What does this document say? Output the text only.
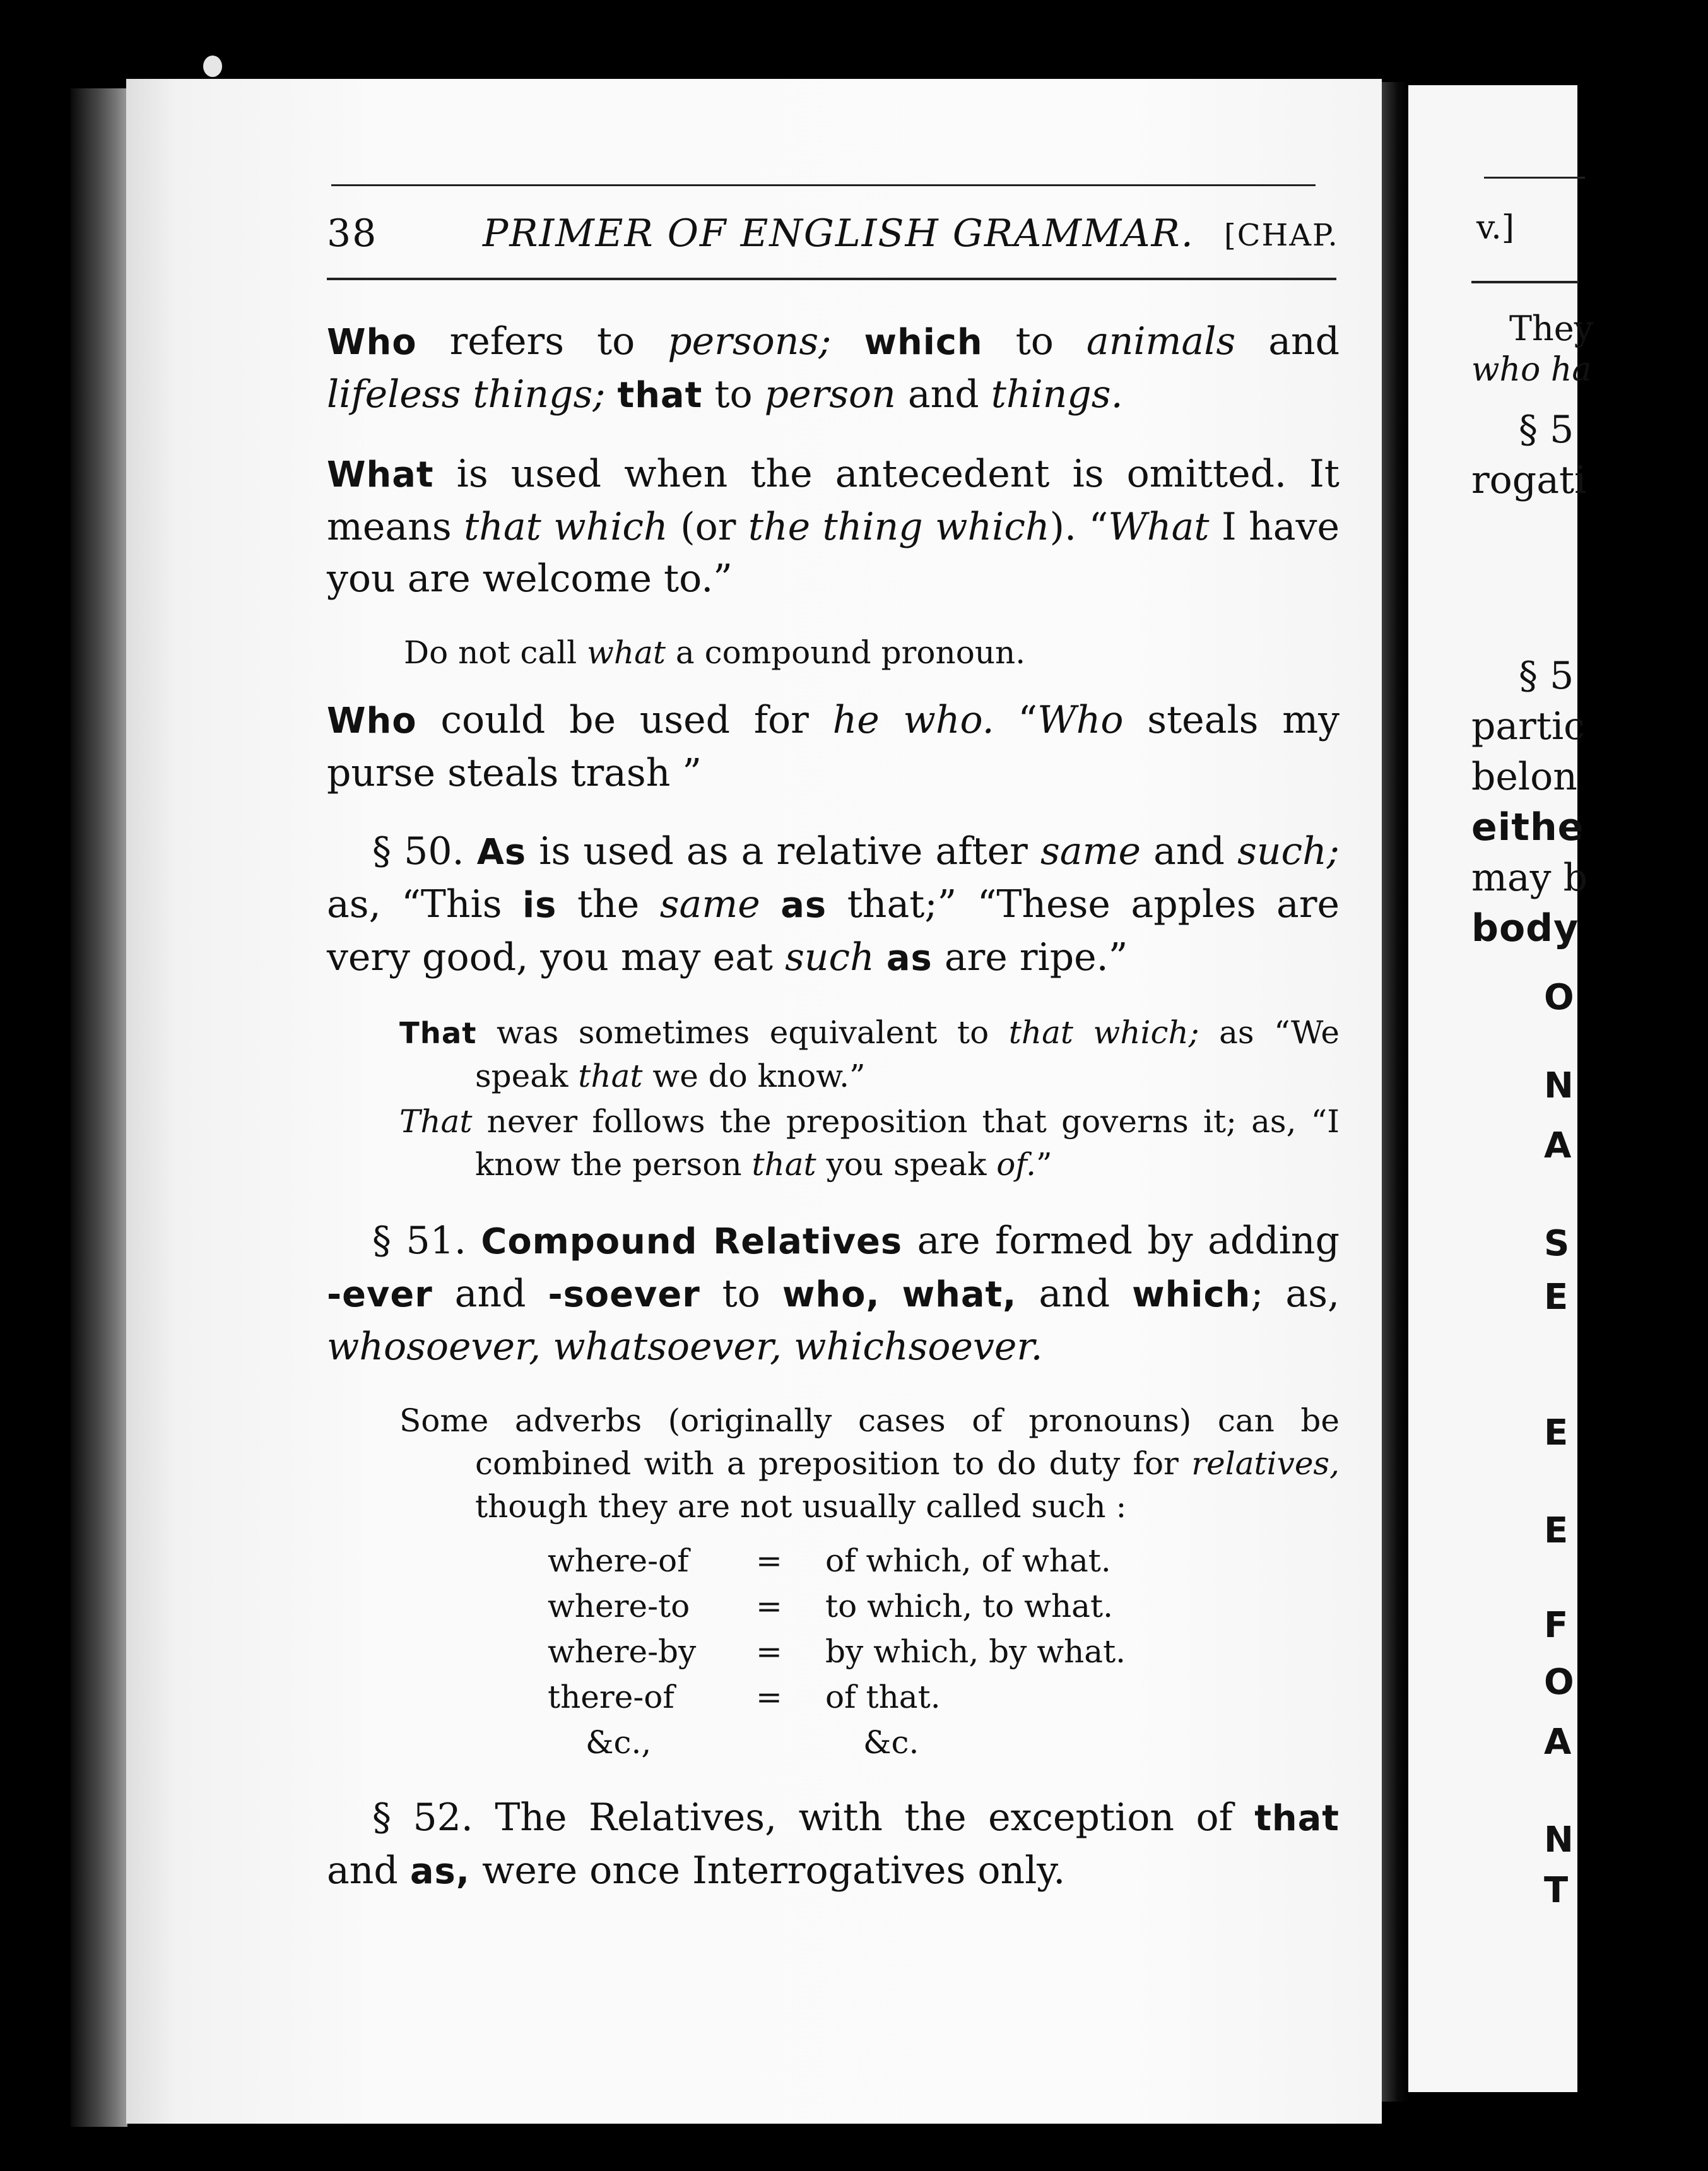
38	PRIMER OF ENGLISH GRAMMAR. [CHAP.

Who refers to persons; which to animals and lifeless things; that to person and things.

What is used when the antecedent is omitted. It means that which (or the thing which). “What I have you are welcome to.”

Do not call what a compound pronoun.

Who could be used for he who. “Who steals my purse steals trash ”

§ 50. As is used as a relative after same and such; as, “This is the same as that;” “These apples are very good, you may eat such as are ripe.”

That was sometimes equivalent to that which; as “We speak that we do know.”

That never follows the preposition that governs it; as, “I know the person that you speak of.”

§ 51. Compound Relatives are formed by adding -ever and -soever to who, what, and which; as, whosoever, whatsoever, whichsoever.

Some adverbs (originally cases of pronouns) can be combined with a preposition to do duty for relatives, though they are not usually called such :

where-of	=	of which, of what.
where-to	=	to which, to what.
where-by	=	by which, by what.
there-of	=	of that.
&c.,		&c.

§ 52. The Relatives, with the exception of that and as, were once Interrogatives only.

v.]
They
who ha
§ 5
rogati
§ 5
partic
belon
eithe
may b
body
O
N
A
S
E
E
E
F
O
A
N
T
